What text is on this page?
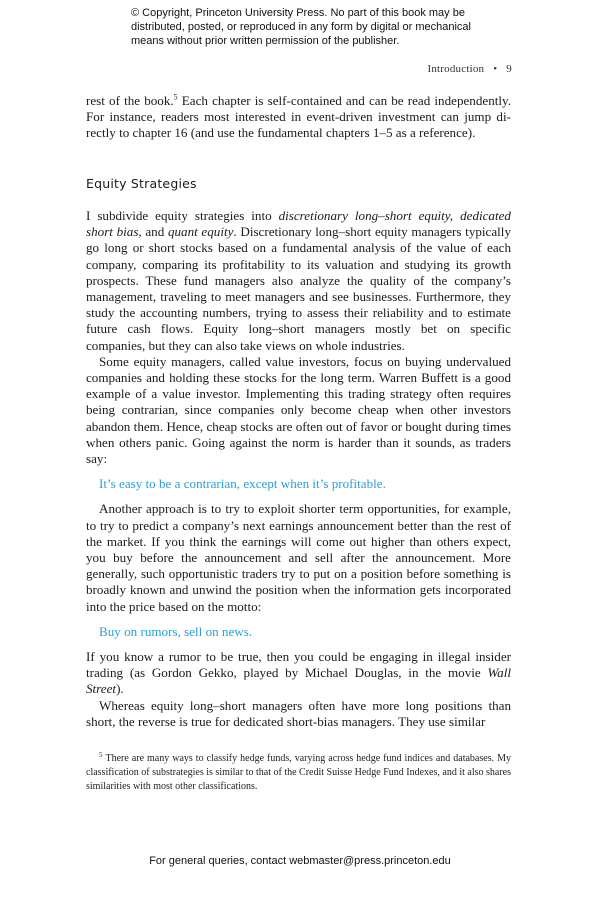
© Copyright, Princeton University Press. No part of this book may be distributed, posted, or reproduced in any form by digital or mechanical means without prior written permission of the publisher.
Introduction • 9

rest of the book.$^5$ Each chapter is self-contained and can be read independently. For instance, readers most interested in event-driven investment can jump directly to chapter 16 (and use the fundamental chapters 1–5 as a reference).

Equity Strategies

I subdivide equity strategies into discretionary long–short equity, dedicated short bias, and quant equity. Discretionary long–short equity managers typically go long or short stocks based on a fundamental analysis of the value of each company, comparing its profitability to its valuation and studying its growth prospects. These fund managers also analyze the quality of the company’s management, traveling to meet managers and see businesses. Furthermore, they study the accounting numbers, trying to assess their reliability and to estimate future cash flows. Equity long–short managers mostly bet on specific companies, but they can also take views on whole industries.

Some equity managers, called value investors, focus on buying undervalued companies and holding these stocks for the long term. Warren Buffett is a good example of a value investor. Implementing this trading strategy often requires being contrarian, since companies only become cheap when other investors abandon them. Hence, cheap stocks are often out of favor or bought during times when others panic. Going against the norm is harder than it sounds, as traders say:

It’s easy to be a contrarian, except when it’s profitable.

Another approach is to try to exploit shorter term opportunities, for example, to try to predict a company’s next earnings announcement better than the rest of the market. If you think the earnings will come out higher than others expect, you buy before the announcement and sell after the announcement. More generally, such opportunistic traders try to put on a position before something is broadly known and unwind the position when the information gets incorporated into the price based on the motto:

Buy on rumors, sell on news.

If you know a rumor to be true, then you could be engaging in illegal insider trading (as Gordon Gekko, played by Michael Douglas, in the movie Wall Street).

Whereas equity long–short managers often have more long positions than short, the reverse is true for dedicated short-bias managers. They use similar

$^5$ There are many ways to classify hedge funds, varying across hedge fund indices and databases. My classification of substrategies is similar to that of the Credit Suisse Hedge Fund Indexes, and it also shares similarities with most other classifications.
For general queries, contact webmaster@press.princeton.edu
